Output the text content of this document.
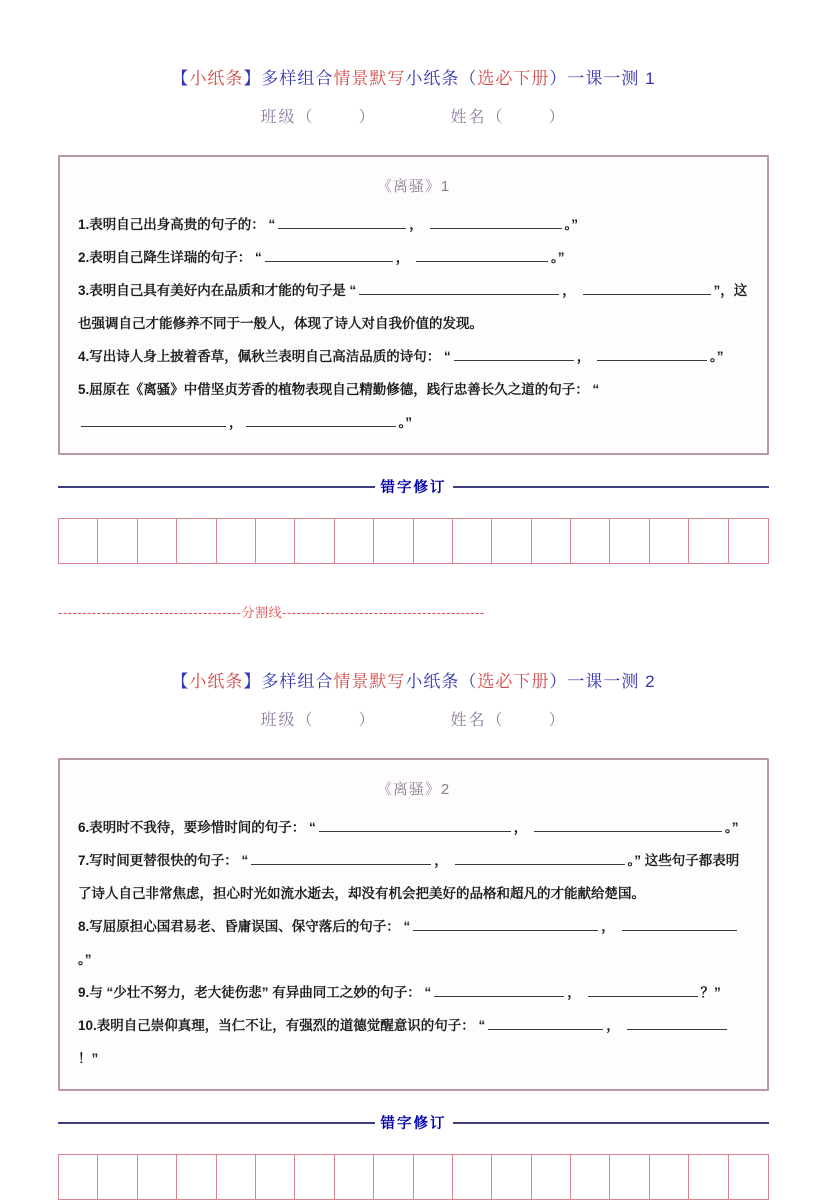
【小纸条】多样组合情景默写小纸条（选必下册）一课一测 1
班级（	）	姓名（	）
《离骚》1
1.表明自己出身高贵的句子的： “	，	。”
2.表明自己降生详瑞的句子： “	，	。”
3.表明自己具有美好内在品质和才能的句子是 “	，	”，这也强调自己才能修养不同于一般人，体现了诗人对自我价值的发现。
4.写出诗人身上披着香草，佩秋兰表明自己高洁品质的诗句： “	，	。”
5.屈原在《离骚》中借坚贞芳香的植物表现自己精勤修德，践行忠善长久之道的句子： “，	。”
错字修订
--------------------------------------分割线------------------------------------------
【小纸条】多样组合情景默写小纸条（选必下册）一课一测 2
班级（	）	姓名（	）
《离骚》2
6.表明时不我待，要珍惜时间的句子： “	，	。”
7.写时间更替很快的句子： “	，	。” 这些句子都表明了诗人自己非常焦虑，担心时光如流水逝去，却没有机会把美好的品格和超凡的才能献给楚国。
8.写屈原担心国君易老、昏庸误国、保守落后的句子： “	， 。”
9.与 “少壮不努力，老大徒伤悲” 有异曲同工之妙的句子： “	，	？”
10.表明自己崇仰真理，当仁不让，有强烈的道德觉醒意识的句子： “	， ！”
错字修订
